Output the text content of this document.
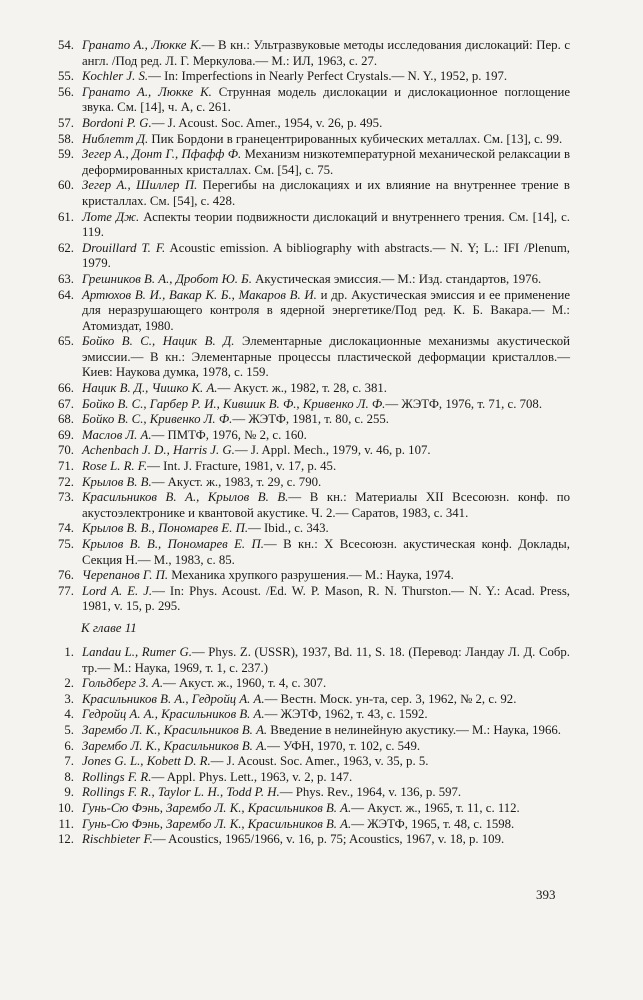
54. Гранато А., Люкке К.— В кн.: Ультразвуковые методы исследования дислокаций: Пер. с англ. /Под ред. Л. Г. Меркулова.— М.: ИЛ, 1963, с. 27.
55. Kochler J. S.— In: Imperfections in Nearly Perfect Crystals.— N. Y., 1952, p. 197.
56. Гранато А., Люкке К. Струнная модель дислокации и дислокационное поглощение звука. См. [14], ч. А, с. 261.
57. Bordoni P. G.— J. Acoust. Soc. Amer., 1954, v. 26, p. 495.
58. Ниблетт Д. Пик Бордони в гранецентрированных кубических металлах. См. [13], с. 99.
59. Зегер А., Донт Г., Пфафф Ф. Механизм низкотемпературной механической релаксации в деформированных кристаллах. См. [54], с. 75.
60. Зегер А., Шиллер П. Перегибы на дислокациях и их влияние на внутреннее трение в кристаллах. См. [54], с. 428.
61. Лоте Дж. Аспекты теории подвижности дислокаций и внутреннего трения. См. [14], с. 119.
62. Drouillard T. F. Acoustic emission. A bibliography with abstracts.— N. Y; L.: IFI /Plenum, 1979.
63. Грешников В. А., Дробот Ю. Б. Акустическая эмиссия.— М.: Изд. стандартов, 1976.
64. Артюхов В. И., Вакар К. Б., Макаров В. И. и др. Акустическая эмиссия и ее применение для неразрушающего контроля в ядерной энергетике/Под ред. К. Б. Вакара.— М.: Атомиздат, 1980.
65. Бойко В. С., Нацик В. Д. Элементарные дислокационные механизмы акустической эмиссии.— В кн.: Элементарные процессы пластической деформации кристаллов.— Киев: Наукова думка, 1978, с. 159.
66. Нацик В. Д., Чишко К. А.— Акуст. ж., 1982, т. 28, с. 381.
67. Бойко В. С., Гарбер Р. И., Кившик В. Ф., Кривенко Л. Ф.— ЖЭТФ, 1976, т. 71, с. 708.
68. Бойко В. С., Кривенко Л. Ф.— ЖЭТФ, 1981, т. 80, с. 255.
69. Маслов Л. А.— ПМТФ, 1976, № 2, с. 160.
70. Achenbach J. D., Harris J. G.— J. Appl. Mech., 1979, v. 46, p. 107.
71. Rose L. R. F.— Int. J. Fracture, 1981, v. 17, p. 45.
72. Крылов В. В.— Акуст. ж., 1983, т. 29, с. 790.
73. Красильников В. А., Крылов В. В.— В кн.: Материалы XII Всесоюзн. конф. по акустоэлектронике и квантовой акустике. Ч. 2.— Саратов, 1983, с. 341.
74. Крылов В. В., Пономарев Е. П.— Ibid., с. 343.
75. Крылов В. В., Пономарев Е. П.— В кн.: X Всесоюзн. акустическая конф. Доклады, Секция Н.— М., 1983, с. 85.
76. Черепанов Г. П. Механика хрупкого разрушения.— М.: Наука, 1974.
77. Lord A. E. J.— In: Phys. Acoust. /Ed. W. P. Mason, R. N. Thurston.— N. Y.: Acad. Press, 1981, v. 15, p. 295.
К главе 11
1. Landau L., Rumer G.— Phys. Z. (USSR), 1937, Bd. 11, S. 18. (Перевод: Ландау Л. Д. Собр. тр.— М.: Наука, 1969, т. 1, с. 237.)
2. Гольдберг З. А.— Акуст. ж., 1960, т. 4, с. 307.
3. Красильников В. А., Гедройц А. А.— Вестн. Моск. ун-та, сер. 3, 1962, № 2, с. 92.
4. Гедройц А. А., Красильников В. А.— ЖЭТФ, 1962, т. 43, с. 1592.
5. Зарембо Л. К., Красильников В. А. Введение в нелинейную акустику.— М.: Наука, 1966.
6. Зарембо Л. К., Красильников В. А.— УФН, 1970, т. 102, с. 549.
7. Jones G. L., Kobett D. R.— J. Acoust. Soc. Amer., 1963, v. 35, p. 5.
8. Rollings F. R.— Appl. Phys. Lett., 1963, v. 2, p. 147.
9. Rollings F. R., Taylor L. H., Todd P. H.— Phys. Rev., 1964, v. 136, p. 597.
10. Гунь-Сю Фэнь, Зарембо Л. К., Красильников В. А.— Акуст. ж., 1965, т. 11, с. 112.
11. Гунь-Сю Фэнь, Зарембо Л. К., Красильников В. А.— ЖЭТФ, 1965, т. 48, с. 1598.
12. Rischbieter F.— Acoustics, 1965/1966, v. 16, p. 75; Acoustics, 1967, v. 18, p. 109.
393
